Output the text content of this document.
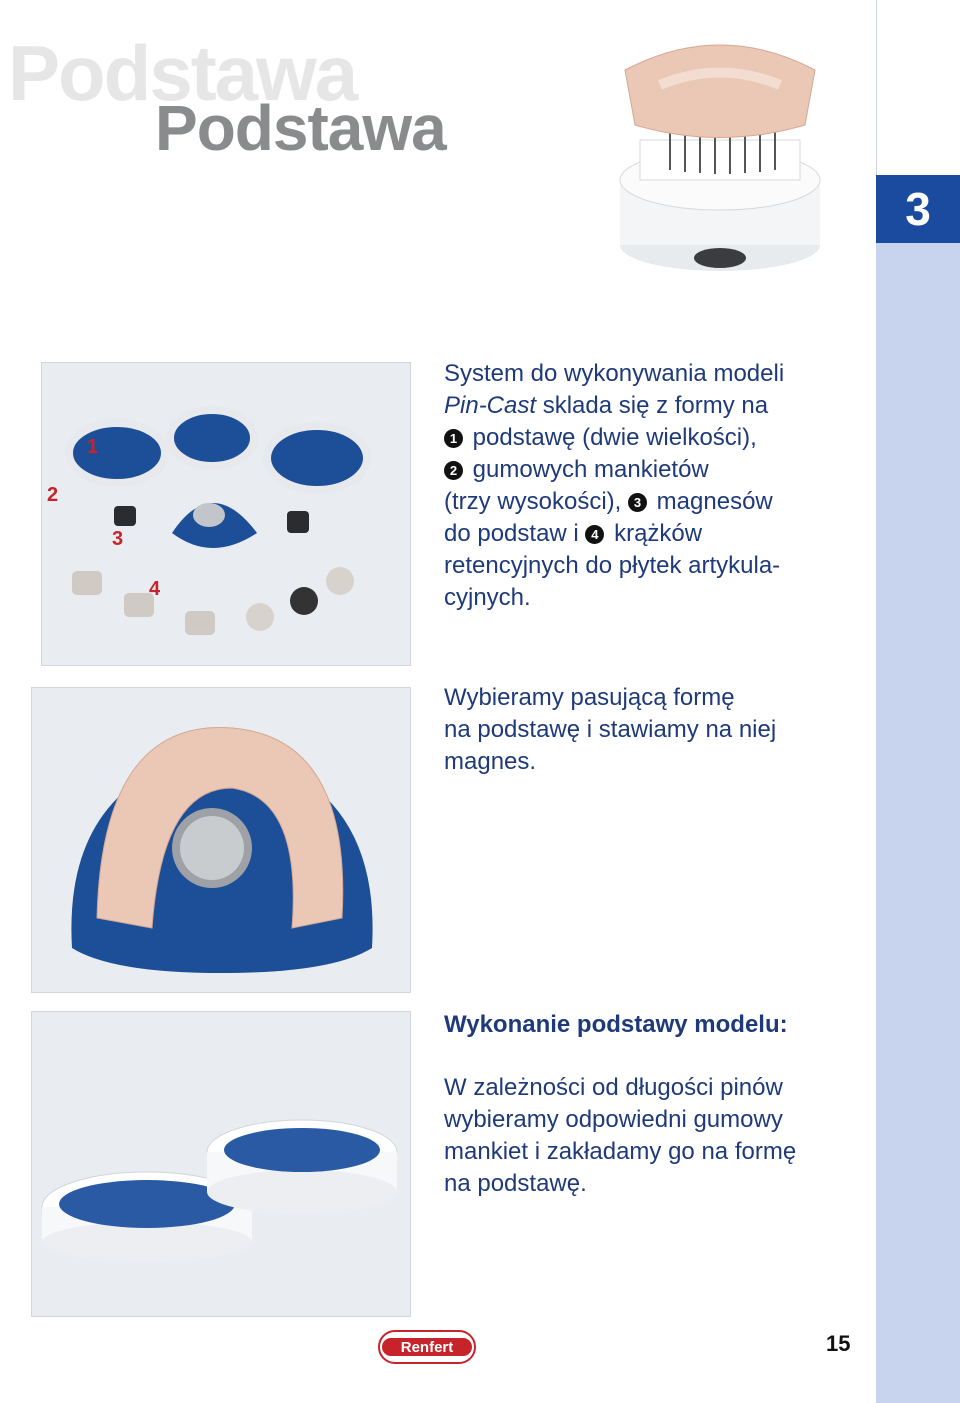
Podstawa
Podstawa
3
1
2
3
4
System do wykonywania modeli
Pin-Cast sklada się z formy na
1 podstawę (dwie wielkości),
2 gumowych mankietów
(trzy wysokości), 3 magnesów
do podstaw i 4 krążków
retencyjnych do płytek artykula-
cyjnych.
Wybieramy pasującą formę
na podstawę i stawiamy na niej
magnes.
Wykonanie podstawy modelu:
W zależności od długości pinów
wybieramy odpowiedni gumowy
mankiet i zakładamy go na formę
na podstawę.
Renfert	15
